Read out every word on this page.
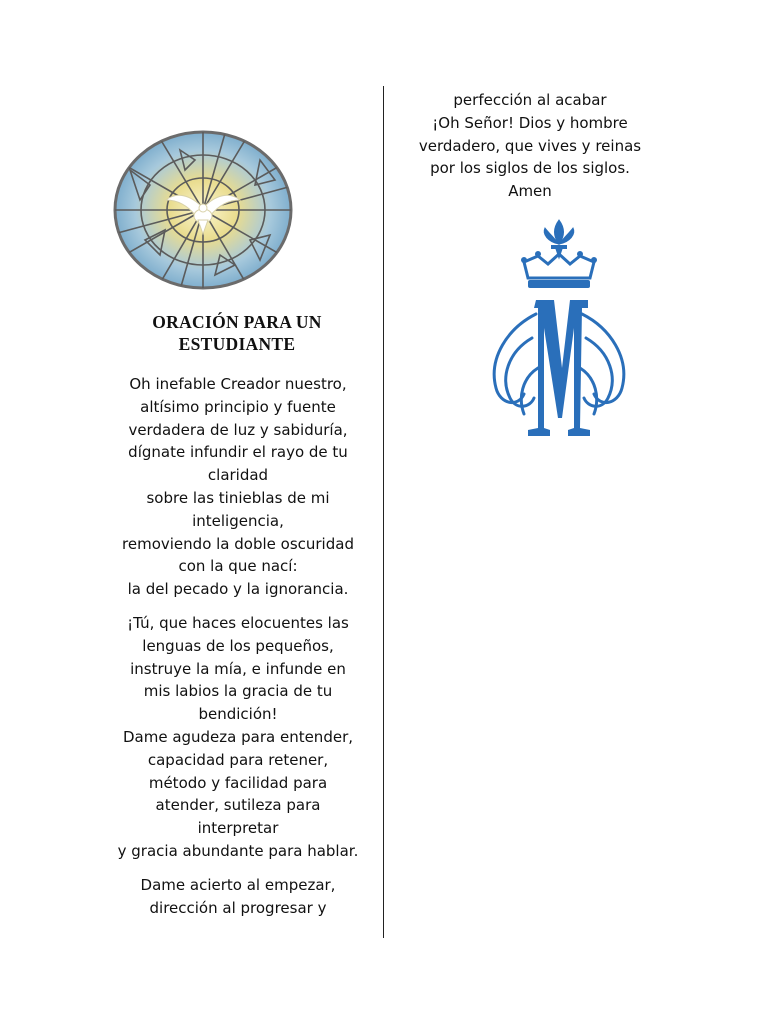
ORACIÓN PARA UN
ESTUDIANTE
Oh inefable Creador nuestro,
altísimo principio y fuente
verdadera de luz y sabiduría,
dígnate infundir el rayo de tu
claridad
sobre las tinieblas de mi
inteligencia,
removiendo la doble oscuridad
con la que nací:
la del pecado y la ignorancia.
¡Tú, que haces elocuentes las
lenguas de los pequeños,
instruye la mía, e infunde en
mis labios la gracia de tu
bendición!
Dame agudeza para entender,
capacidad para retener,
método y facilidad para
atender, sutileza para
interpretar
y gracia abundante para hablar.
Dame acierto al empezar,
dirección al progresar y
perfección al acabar
¡Oh Señor! Dios y hombre
verdadero, que vives y reinas
por los siglos de los siglos.
Amen
